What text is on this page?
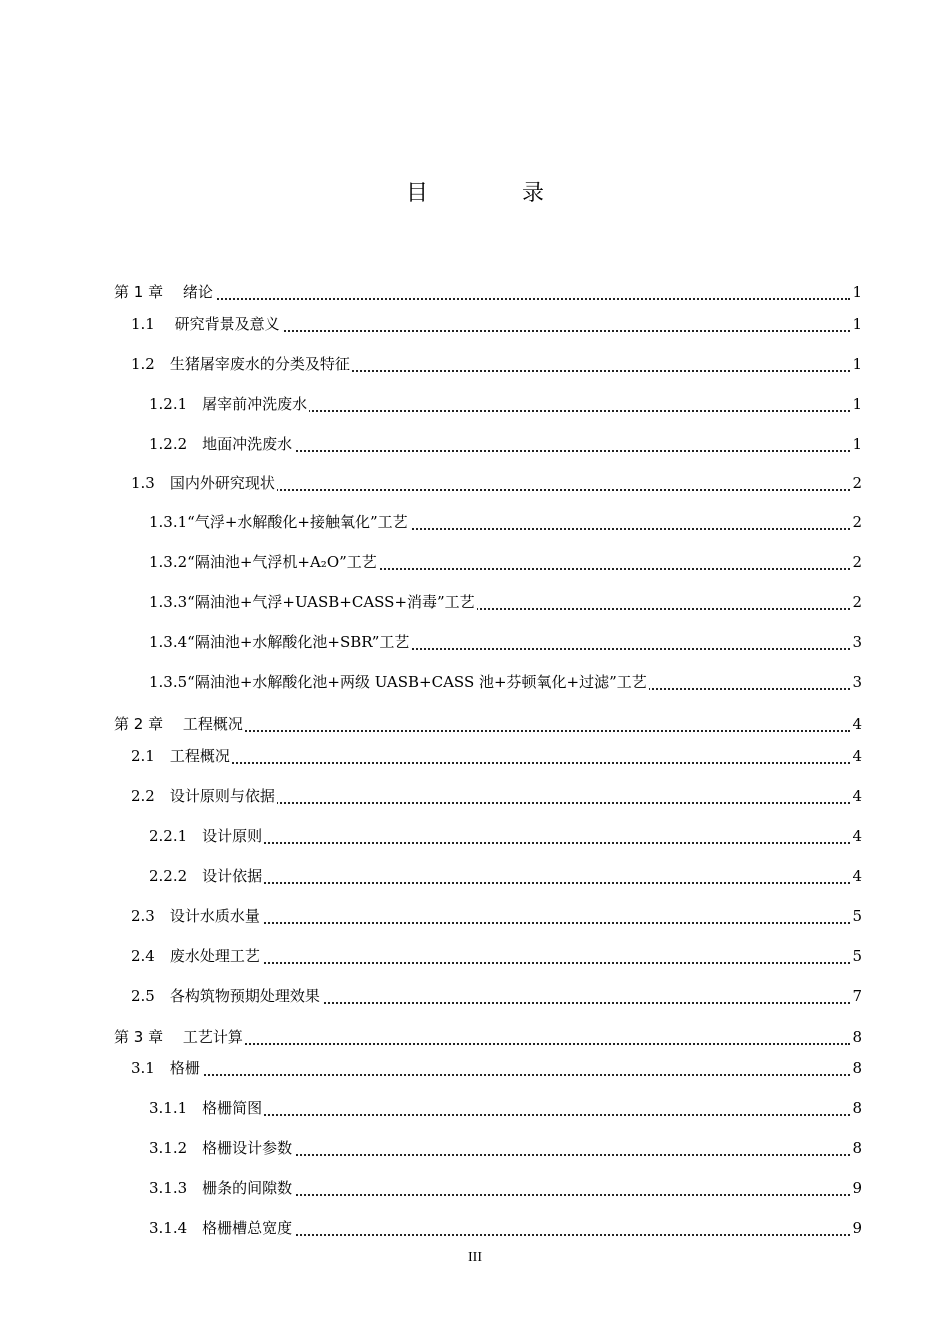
目　录
第 1 章　 绪论	1
1.1　 研究背景及意义	1
1.2　生猪屠宰废水的分类及特征	1
1.2.1　屠宰前冲洗废水	1
1.2.2　地面冲洗废水	1
1.3　国内外研究现状	2
1.3.1“气浮+水解酸化+接触氧化”工艺	2
1.3.2“隔油池+气浮机+A₂O”工艺	2
1.3.3“隔油池+气浮+UASB+CASS+消毒”工艺	2
1.3.4“隔油池+水解酸化池+SBR”工艺	3
1.3.5“隔油池+水解酸化池+两级 UASB+CASS 池+芬顿氧化+过滤”工艺	3
第 2 章　 工程概况	4
2.1　工程概况	4
2.2　设计原则与依据	4
2.2.1　设计原则	4
2.2.2　设计依据	4
2.3　设计水质水量	5
2.4　废水处理工艺	5
2.5　各构筑物预期处理效果	7
第 3 章　 工艺计算	8
3.1　格栅	8
3.1.1　格栅简图	8
3.1.2　格栅设计参数	8
3.1.3　栅条的间隙数	9
3.1.4　格栅槽总宽度	9
III
